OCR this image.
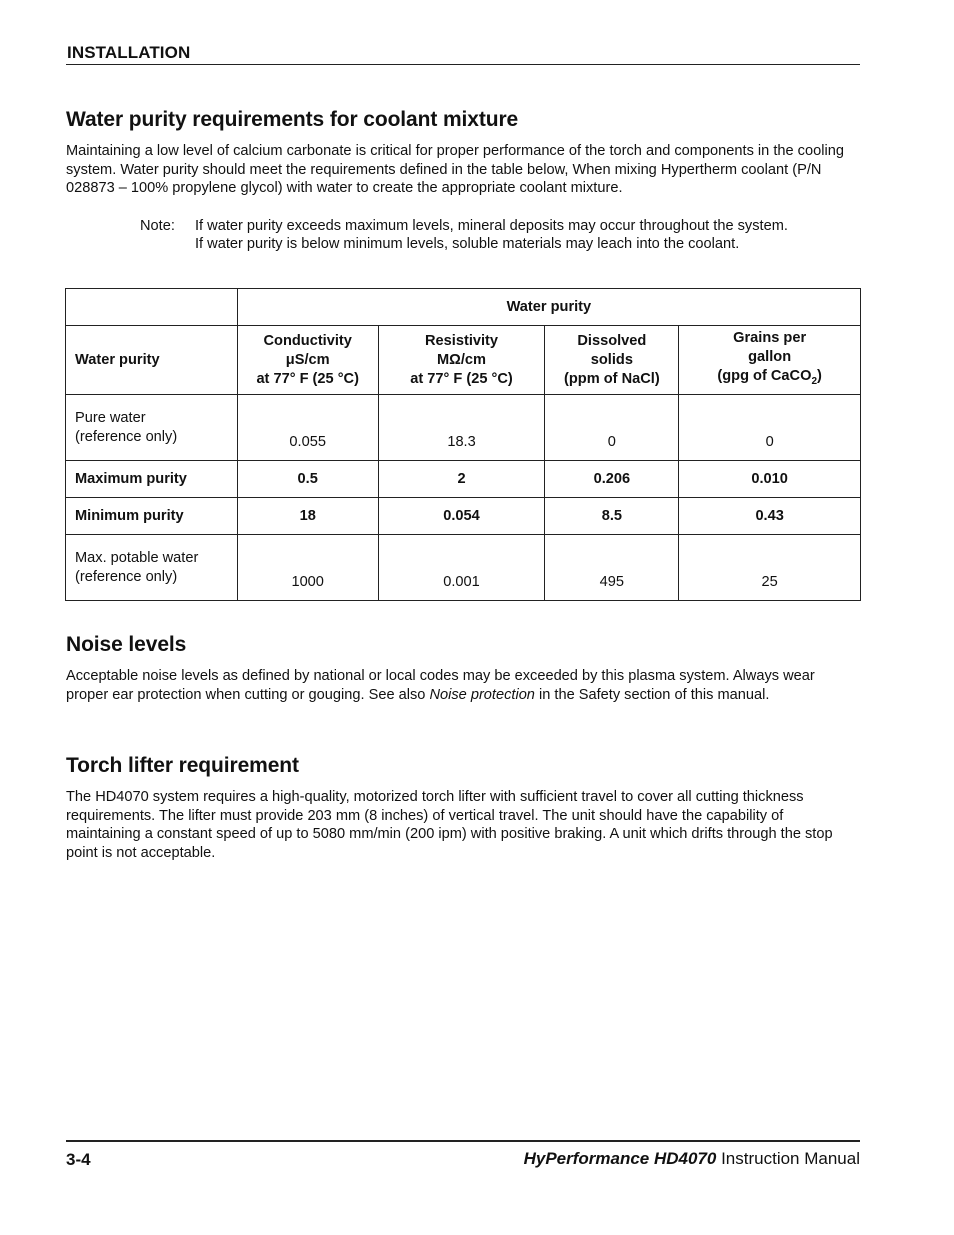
INSTALLATION
Water purity requirements for coolant mixture

Maintaining a low level of calcium carbonate is critical for proper performance of the torch and components in the cooling system. Water purity should meet the requirements defined in the table below, When mixing Hypertherm coolant (P/N 028873 – 100% propylene glycol) with water to create the appropriate coolant mixture.

Note: If water purity exceeds maximum levels, mineral deposits may occur throughout the system.
If water purity is below minimum levels, soluble materials may leach into the coolant.
	Water purity			
Water purity	Conductivity
μS/cm
at 77° F (25 °C)	Resistivity
MΩ/cm
at 77° F (25 °C)	Dissolved
solids
(ppm of NaCl)	Grains per
gallon
(gpg of CaCO$_2$)

Pure water
(reference only)	0.055	18.3	0	0
Maximum purity	0.5	2	0.206	0.010
Minimum purity	18	0.054	8.5	0.43

Max. potable water
(reference only)	1000	0.001	495	25
Noise levels

Acceptable noise levels as defined by national or local codes may be exceeded by this plasma system. Always wear proper ear protection when cutting or gouging. See also Noise protection in the Safety section of this manual.

Torch lifter requirement

The HD4070 system requires a high-quality, motorized torch lifter with sufficient travel to cover all cutting thickness requirements. The lifter must provide 203 mm (8 inches) of vertical travel. The unit should have the capability of maintaining a constant speed of up to 5080 mm/min (200 ipm) with positive braking. A unit which drifts through the stop point is not acceptable.

3-4	HyPerformance HD4070 Instruction Manual
